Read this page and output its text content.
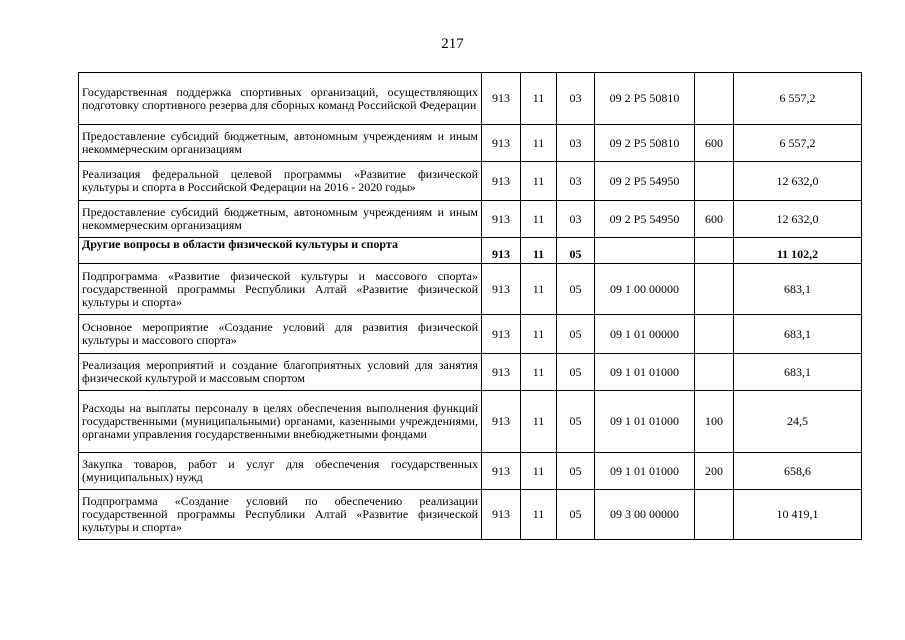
217
Государственная поддержка спортивных организаций, осуществляющих подготовку спортивного резерва для сборных команд Российской Федерации	913	11	03	09 2 Р5 50810		6 557,2
Предоставление субсидий бюджетным, автономным учреждениям и иным некоммерческим организациям	913	11	03	09 2 Р5 50810	600	6 557,2
Реализация федеральной целевой программы «Развитие физической культуры и спорта в Российской Федерации на 2016 - 2020 годы»	913	11	03	09 2 Р5 54950		12 632,0
Предоставление субсидий бюджетным, автономным учреждениям и иным некоммерческим организациям	913	11	03	09 2 Р5 54950	600	12 632,0
Другие вопросы в области физической культуры и спорта	913	11	05			11 102,2
Подпрограмма «Развитие физической культуры и массового спорта» государственной программы Республики Алтай «Развитие физической культуры и спорта»	913	11	05	09 1 00 00000		683,1
Основное мероприятие «Создание условий для развития физической культуры и массового спорта»	913	11	05	09 1 01 00000		683,1
Реализация мероприятий и создание благоприятных условий для занятия физической культурой и массовым спортом	913	11	05	09 1 01 01000		683,1
Расходы на выплаты персоналу в целях обеспечения выполнения функций государственными (муниципальными) органами, казенными учреждениями, органами управления государственными внебюджетными фондами	913	11	05	09 1 01 01000	100	24,5
Закупка товаров, работ и услуг для обеспечения государственных (муниципальных) нужд	913	11	05	09 1 01 01000	200	658,6
Подпрограмма «Создание условий по обеспечению реализации государственной программы Республики Алтай «Развитие физической культуры и спорта»	913	11	05	09 3 00 00000		10 419,1
